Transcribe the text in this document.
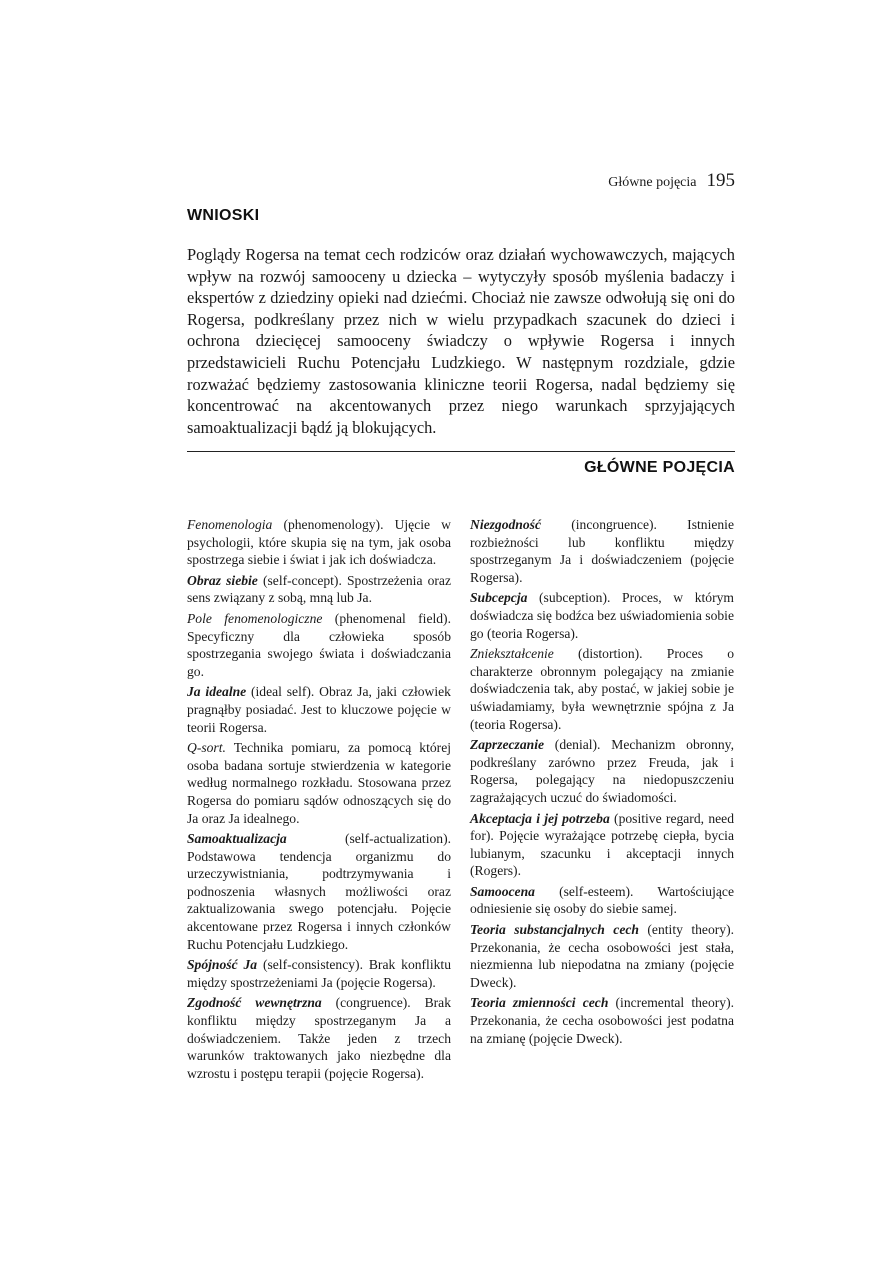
Główne pojęcia 195
WNIOSKI

Poglądy Rogersa na temat cech rodziców oraz działań wychowawczych, mających wpływ na rozwój samooceny u dziecka – wytyczyły sposób myślenia badaczy i ekspertów z dziedziny opieki nad dziećmi. Chociaż nie zawsze odwołują się oni do Rogersa, podkreślany przez nich w wielu przypadkach szacunek do dzieci i ochrona dziecięcej samooceny świadczy o wpływie Rogersa i innych przedstawicieli Ruchu Potencjału Ludzkiego. W następnym rozdziale, gdzie rozważać będziemy zastosowania kliniczne teorii Rogersa, nadal będziemy się koncentrować na akcentowanych przez niego warunkach sprzyjających samoaktualizacji bądź ją blokujących.

GŁÓWNE POJĘCIA

Fenomenologia (phenomenology). Ujęcie w psychologii, które skupia się na tym, jak osoba spostrzega siebie i świat i jak ich doświadcza.

Obraz siebie (self-concept). Spostrzeżenia oraz sens związany z sobą, mną lub Ja.

Pole fenomenologiczne (phenomenal field). Specyficzny dla człowieka sposób spostrzegania swojego świata i doświadczania go.

Ja idealne (ideal self). Obraz Ja, jaki człowiek pragnąłby posiadać. Jest to kluczowe pojęcie w teorii Rogersa.

Q-sort. Technika pomiaru, za pomocą której osoba badana sortuje stwierdzenia w kategorie według normalnego rozkładu. Stosowana przez Rogersa do pomiaru sądów odnoszących się do Ja oraz Ja idealnego.

Samoaktualizacja (self-actualization). Podstawowa tendencja organizmu do urzeczywistniania, podtrzymywania i podnoszenia własnych możliwości oraz zaktualizowania swego potencjału. Pojęcie akcentowane przez Rogersa i innych członków Ruchu Potencjału Ludzkiego.

Spójność Ja (self-consistency). Brak konfliktu między spostrzeżeniami Ja (pojęcie Rogersa).

Zgodność wewnętrzna (congruence). Brak konfliktu między spostrzeganym Ja a doświadczeniem. Także jeden z trzech warunków traktowanych jako niezbędne dla wzrostu i postępu terapii (pojęcie Rogersa).

Niezgodność (incongruence). Istnienie rozbieżności lub konfliktu między spostrzeganym Ja i doświadczeniem (pojęcie Rogersa).

Subcepcja (subception). Proces, w którym doświadcza się bodźca bez uświadomienia sobie go (teoria Rogersa).

Zniekształcenie (distortion). Proces o charakterze obronnym polegający na zmianie doświadczenia tak, aby postać, w jakiej sobie je uświadamiamy, była wewnętrznie spójna z Ja (teoria Rogersa).

Zaprzeczanie (denial). Mechanizm obronny, podkreślany zarówno przez Freuda, jak i Rogersa, polegający na niedopuszczeniu zagrażających uczuć do świadomości.

Akceptacja i jej potrzeba (positive regard, need for). Pojęcie wyrażające potrzebę ciepła, bycia lubianym, szacunku i akceptacji innych (Rogers).

Samoocena (self-esteem). Wartościujące odniesienie się osoby do siebie samej.

Teoria substancjalnych cech (entity theory). Przekonania, że cecha osobowości jest stała, niezmienna lub niepodatna na zmiany (pojęcie Dweck).

Teoria zmienności cech (incremental theory). Przekonania, że cecha osobowości jest podatna na zmianę (pojęcie Dweck).
